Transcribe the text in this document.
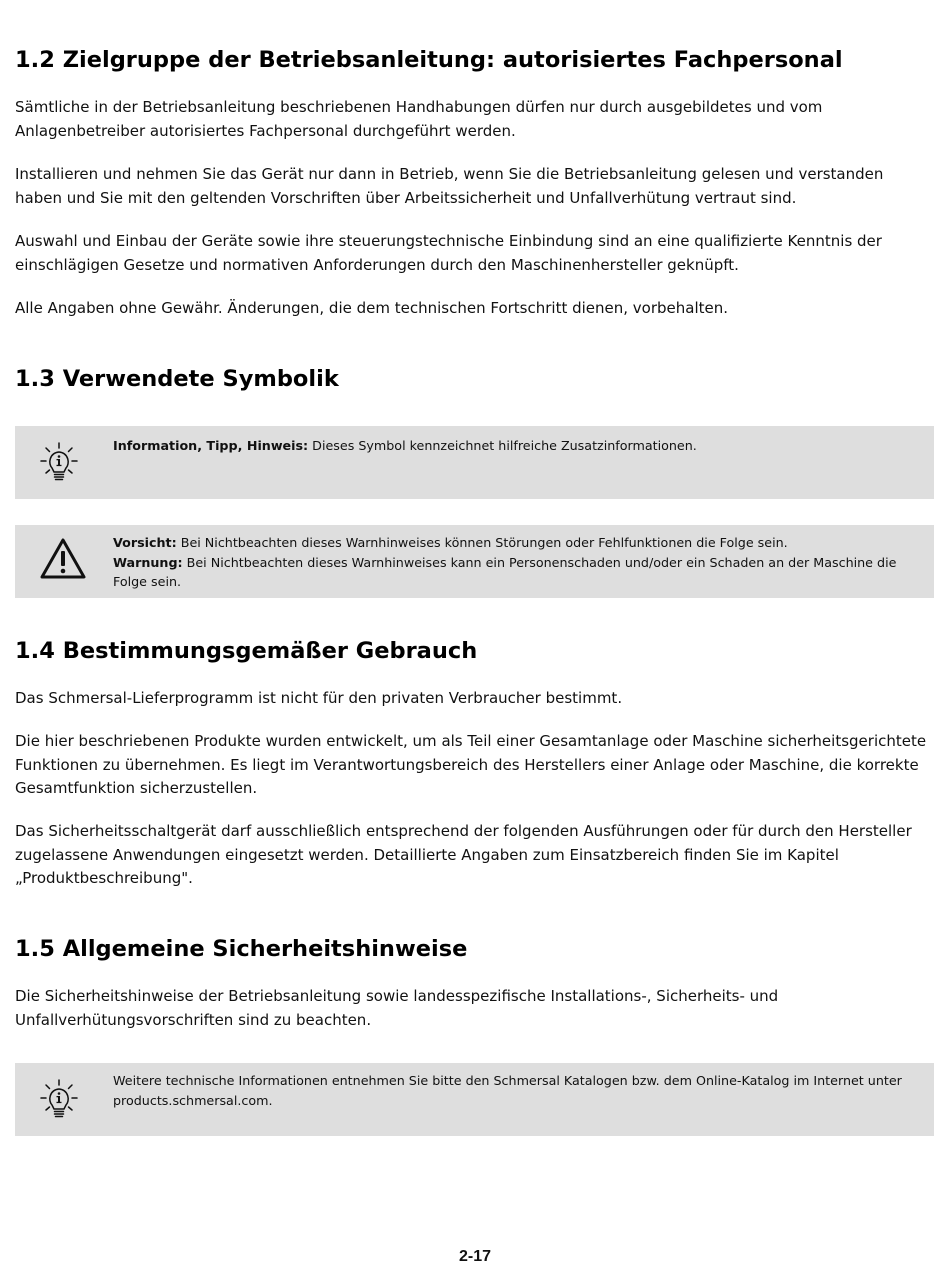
1.2 Zielgruppe der Betriebsanleitung: autorisiertes Fachpersonal

Sämtliche in der Betriebsanleitung beschriebenen Handhabungen dürfen nur durch ausgebildetes und vom Anlagenbetreiber autorisiertes Fachpersonal durchgeführt werden.

Installieren und nehmen Sie das Gerät nur dann in Betrieb, wenn Sie die Betriebsanleitung gelesen und verstanden haben und Sie mit den geltenden Vorschriften über Arbeitssicherheit und Unfallverhütung vertraut sind.

Auswahl und Einbau der Geräte sowie ihre steuerungstechnische Einbindung sind an eine qualifizierte Kenntnis der einschlägigen Gesetze und normativen Anforderungen durch den Maschinenhersteller geknüpft.

Alle Angaben ohne Gewähr. Änderungen, die dem technischen Fortschritt dienen, vorbehalten.

1.3 Verwendete Symbolik
Information, Tipp, Hinweis: Dieses Symbol kennzeichnet hilfreiche Zusatzinformationen.
Vorsicht: Bei Nichtbeachten dieses Warnhinweises können Störungen oder Fehlfunktionen die Folge sein.
Warnung: Bei Nichtbeachten dieses Warnhinweises kann ein Personenschaden und/oder ein Schaden an der Maschine die Folge sein.
1.4 Bestimmungsgemäßer Gebrauch

Das Schmersal-Lieferprogramm ist nicht für den privaten Verbraucher bestimmt.

Die hier beschriebenen Produkte wurden entwickelt, um als Teil einer Gesamtanlage oder Maschine sicherheitsgerichtete Funktionen zu übernehmen. Es liegt im Verantwortungsbereich des Herstellers einer Anlage oder Maschine, die korrekte Gesamtfunktion sicherzustellen.

Das Sicherheitsschaltgerät darf ausschließlich entsprechend der folgenden Ausführungen oder für durch den Hersteller zugelassene Anwendungen eingesetzt werden. Detaillierte Angaben zum Einsatzbereich finden Sie im Kapitel „Produktbeschreibung".

1.5 Allgemeine Sicherheitshinweise

Die Sicherheitshinweise der Betriebsanleitung sowie landesspezifische Installations-, Sicherheits- und Unfallverhütungsvorschriften sind zu beachten.

Weitere technische Informationen entnehmen Sie bitte den Schmersal Katalogen bzw. dem Online-Katalog im Internet unter products.schmersal.com.
2-17
